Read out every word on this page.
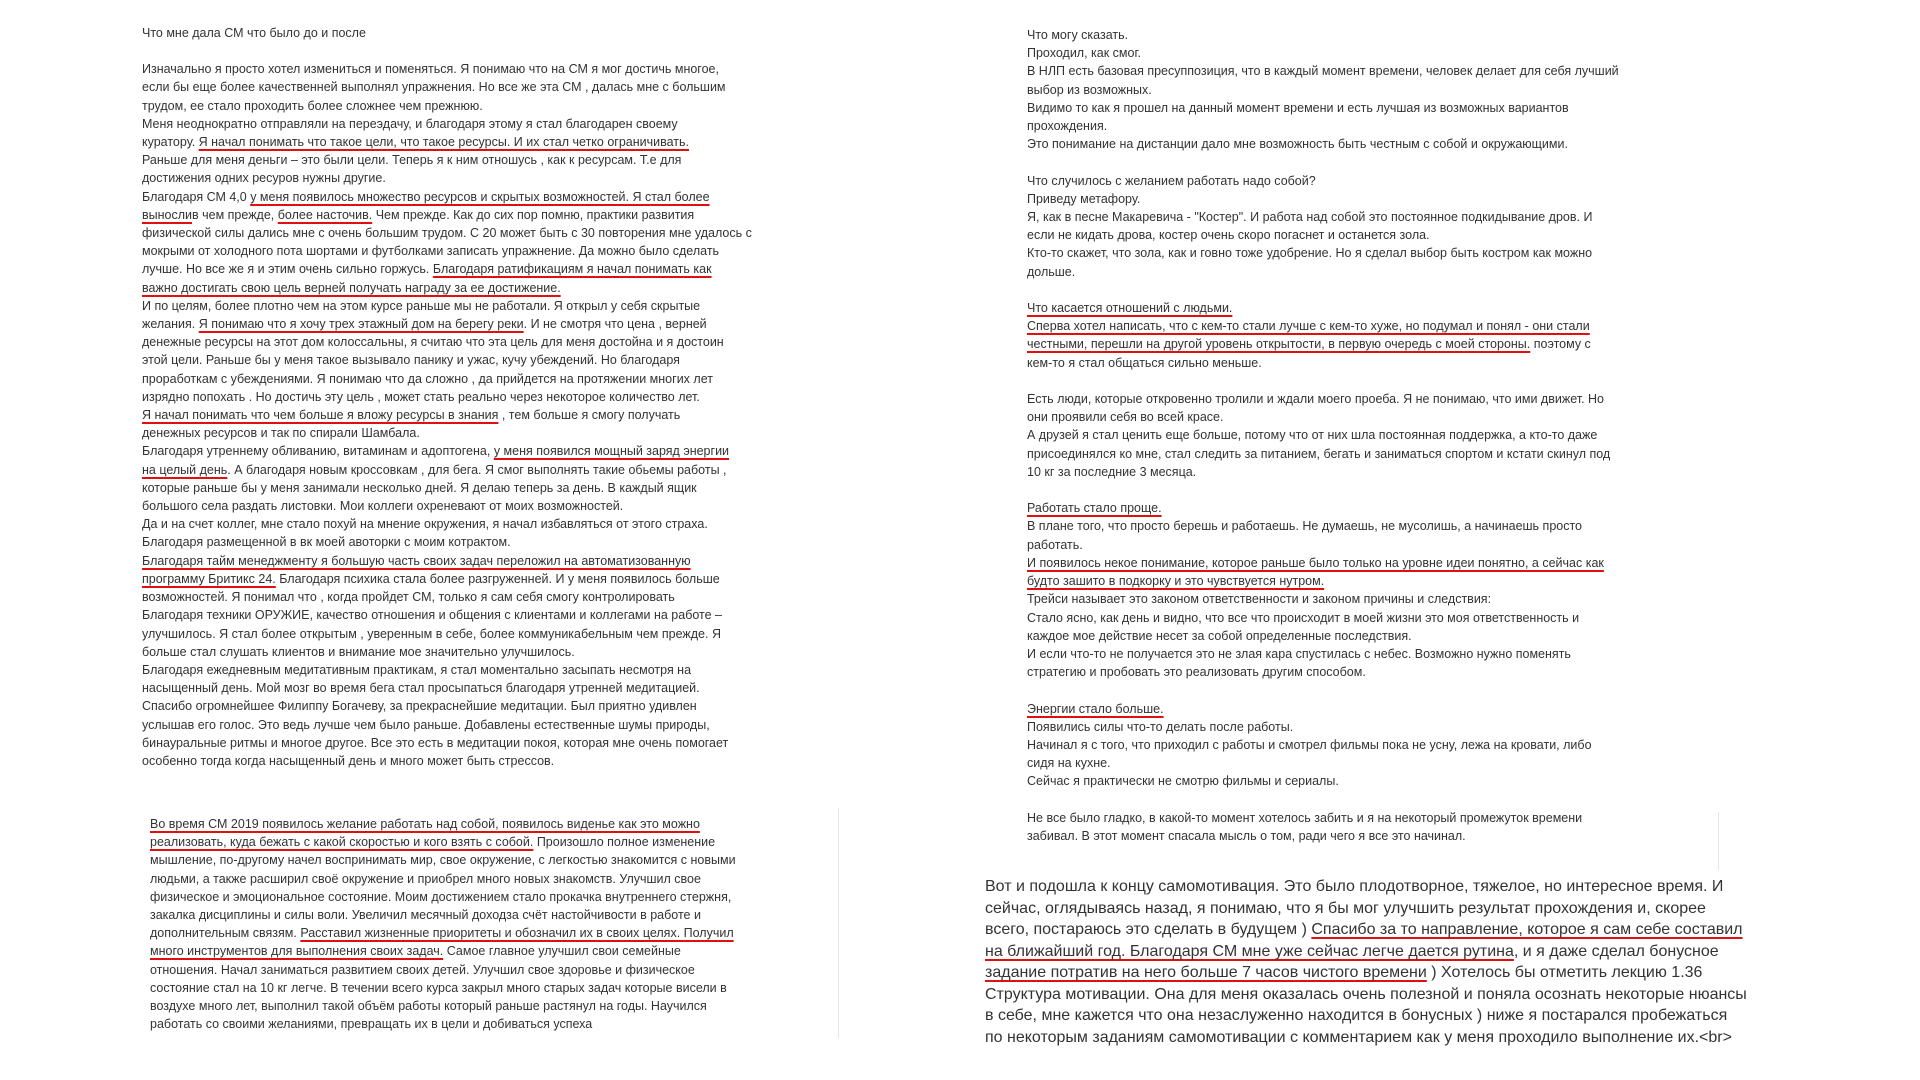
Что мне дала СМ что было до и после

Изначально я просто хотел измениться и поменяться. Я понимаю что на СМ я мог достичь многое,
если бы еще более качественней выполнял упражнения. Но все же эта СМ , далась мне с большим
трудом, ее стало проходить более сложнее чем прежнюю.
Меня неоднократно отправляли на переэдачу, и благодаря этому я стал благодарен своему
куратору. Я начал понимать что такое цели, что такое ресурсы. И их стал четко ограничивать.
Раньше для меня деньги – это были цели. Теперь я к ним отношусь , как к ресурсам. Т.е для
достижения одних ресуров нужны другие.
Благодаря СМ 4,0 у меня появилось множество ресурсов и скрытых возможностей. Я стал более
вынослив чем прежде, более насточив. Чем прежде. Как до сих пор помню, практики развития
физической силы дались мне с очень большим трудом. С 20 может быть с 30 повторения мне удалось с
мокрыми от холодного пота шортами и футболками записать упражнение. Да можно было сделать
лучше. Но все же я и этим очень сильно горжусь. Благодаря ратификациям я начал понимать как
важно достигать свою цель верней получать награду за ее достижение.
И по целям, более плотно чем на этом курсе раньше мы не работали. Я открыл у себя скрытые
желания. Я понимаю что я хочу трех этажный дом на берегу реки. И не смотря что цена , верней
денежные ресурсы на этот дом колоссальны, я считаю что эта цель для меня достойна и я достоин
этой цели. Раньше бы у меня такое вызывало панику и ужас, кучу убеждений. Но благодаря
проработкам с убеждениями. Я понимаю что да сложно , да прийдется на протяжении многих лет
изрядно попохать . Но достичь эту цель , может стать реально через некоторое количество лет.
Я начал понимать что чем больше я вложу ресурсы в знания , тем больше я смогу получать
денежных ресурсов и так по спирали Шамбала.
Благодаря утреннему обливанию, витаминам и адоптогена, у меня появился мощный заряд энергии
на целый день. А благодаря новым кроссовкам , для бега. Я смог выполнять такие обьемы работы ,
которые раньше бы у меня занимали несколько дней. Я делаю теперь за день. В каждый ящик
большого села раздать листовки. Мои коллеги охреневают от моих возможностей.
Да и на счет коллег, мне стало похуй на мнение окружения, я начал избавляться от этого страха.
Благодаря размещенной в вк моей авоторки с моим котрактом.
Благодаря тайм менеджменту я большую часть своих задач переложил на автоматизованную
программу Бритикс 24. Благодаря психика стала более разгруженней. И у меня появилось больше
возможностей. Я понимал что , когда пройдет СМ, только я сам себя смогу контролировать
Благодаря техники ОРУЖИЕ, качество отношения и общения с клиентами и коллегами на работе –
улучшилось. Я стал более открытым , уверенным в себе, более коммуникабельным чем прежде. Я
больше стал слушать клиентов и внимание мое значительно улучшилось.
Благодаря ежедневным медитативным практикам, я стал моментально засыпать несмотря на
насыщенный день. Мой мозг во время бега стал просыпаться благодаря утренней медитацией.
Спасибо огромнейшее Филиппу Богачеву, за прекраснейшие медитации. Был приятно удивлен
услышав его голос. Это ведь лучше чем было раньше. Добавлены естественные шумы природы,
бинауральные ритмы и многое другое. Все это есть в медитации покоя, которая мне очень помогает
особенно тогда когда насыщенный день и много может быть стрессов.

Во время СМ 2019 появилось желание работать над собой, появилось виденье как это можно
реализовать, куда бежать с какой скоростью и кого взять с собой. Произошло полное изменение
мышление, по-другому начел воспринимать мир, свое окружение, с легкостью знакомится с новыми
людьми, а также расширил своё окружение и приобрел много новых знакомств. Улучшил свое
физическое и эмоциональное состояние. Моим достижением стало прокачка внутреннего стержня,
закалка дисциплины и силы воли. Увеличил месячный доходза счёт настойчивости в работе и
дополнительным связям. Расставил жизненные приоритеты и обозначил их в своих целях. Получил
много инструментов для выполнения своих задач. Самое главное улучшил свои семейные
отношения. Начал заниматься развитием своих детей. Улучшил свое здоровье и физическое
состояние стал на 10 кг легче. В течении всего курса закрыл много старых задач которые висели в
воздухе много лет, выполнил такой объём работы который раньше растянул на годы. Научился
работать со своими желаниями, превращать их в цели и добиваться успеха

Что могу сказать.
Проходил, как смог.
В НЛП есть базовая пресуппозиция, что в каждый момент времени, человек делает для себя лучший
выбор из возможных.
Видимо то как я прошел на данный момент времени и есть лучшая из возможных вариантов
прохождения.
Это понимание на дистанции дало мне возможность быть честным с собой и окружающими.

Что случилось с желанием работать надо собой?
Приведу метафору.
Я, как в песне Макаревича - "Костер". И работа над собой это постоянное подкидывание дров. И
если не кидать дрова, костер очень скоро погаснет и останется зола.
Кто-то скажет, что зола, как и говно тоже удобрение. Но я сделал выбор быть костром как можно
дольше.

Что касается отношений с людьми.
Сперва хотел написать, что с кем-то стали лучше с кем-то хуже, но подумал и понял - они стали
честными, перешли на другой уровень открытости, в первую очередь с моей стороны. поэтому с
кем-то я стал общаться сильно меньше.

Есть люди, которые откровенно тролили и ждали моего проеба. Я не понимаю, что ими движет. Но
они проявили себя во всей красе.
А друзей я стал ценить еще больше, потому что от них шла постоянная поддержка, а кто-то даже
присоединялся ко мне, стал следить за питанием, бегать и заниматься спортом и кстати скинул под
10 кг за последние 3 месяца.

Работать стало проще.
В плане того, что просто берешь и работаешь. Не думаешь, не мусолишь, а начинаешь просто
работать.
И появилось некое понимание, которое раньше было только на уровне идеи понятно, а сейчас как
будто зашито в подкорку и это чувствуется нутром.
Трейси называет это законом ответственности и законом причины и следствия:
Стало ясно, как день и видно, что все что происходит в моей жизни это моя ответственность и
каждое мое действие несет за собой определенные последствия.
И если что-то не получается это не злая кара спустилась с небес. Возможно нужно поменять
стратегию и пробовать это реализовать другим способом.

Энергии стало больше.
Появились силы что-то делать после работы.
Начинал я с того, что приходил с работы и смотрел фильмы пока не усну, лежа на кровати, либо
сидя на кухне.
Сейчас я практически не смотрю фильмы и сериалы.

Не все было гладко, в какой-то момент хотелось забить и я на некоторый промежуток времени
забивал. В этот момент спасала мысль о том, ради чего я все это начинал.

Вот и подошла к концу самомотивация. Это было плодотворное, тяжелое, но интересное время. И
сейчас, оглядываясь назад, я понимаю, что я бы мог улучшить результат прохождения и, скорее
всего, постараюсь это сделать в будущем ) Спасибо за то направление, которое я сам себе составил
на ближайший год. Благодаря СМ мне уже сейчас легче дается рутина, и я даже сделал бонусное
задание потратив на него больше 7 часов чистого времени ) Хотелось бы отметить лекцию 1.36
Структура мотивации. Она для меня оказалась очень полезной и поняла осознать некоторые нюансы
в себе, мне кажется что она незаслуженно находится в бонусных ) ниже я постарался пробежаться
по некоторым заданиям самомотивации с комментарием как у меня проходило выполнение их.<br>
